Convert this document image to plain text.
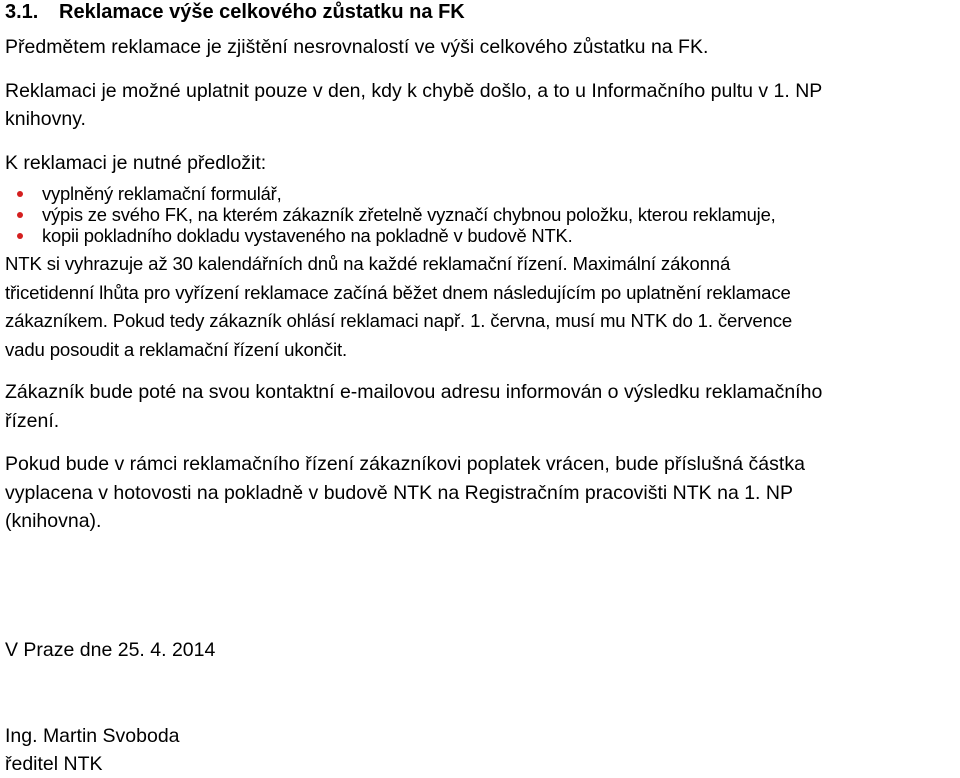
3.1. Reklamace výše celkového zůstatku na FK
Předmětem reklamace je zjištění nesrovnalostí ve výši celkového zůstatku na FK.
Reklamaci je možné uplatnit pouze v den, kdy k chybě došlo, a to u Informačního pultu v 1. NP
knihovny.
K reklamaci je nutné předložit:
vyplněný reklamační formulář,
výpis ze svého FK, na kterém zákazník zřetelně vyznačí chybnou položku, kterou reklamuje,
kopii pokladního dokladu vystaveného na pokladně v budově NTK.
NTK si vyhrazuje až 30 kalendářních dnů na každé reklamační řízení. Maximální zákonná
třicetidenní lhůta pro vyřízení reklamace začíná běžet dnem následujícím po uplatnění reklamace
zákazníkem. Pokud tedy zákazník ohlásí reklamaci např. 1. června, musí mu NTK do 1. července
vadu posoudit a reklamační řízení ukončit.
Zákazník bude poté na svou kontaktní e-mailovou adresu informován o výsledku reklamačního
řízení.
Pokud bude v rámci reklamačního řízení zákazníkovi poplatek vrácen, bude příslušná částka
vyplacena v hotovosti na pokladně v budově NTK na Registračním pracovišti NTK na 1. NP
(knihovna).
V Praze dne 25. 4. 2014
Ing. Martin Svoboda
ředitel NTK
